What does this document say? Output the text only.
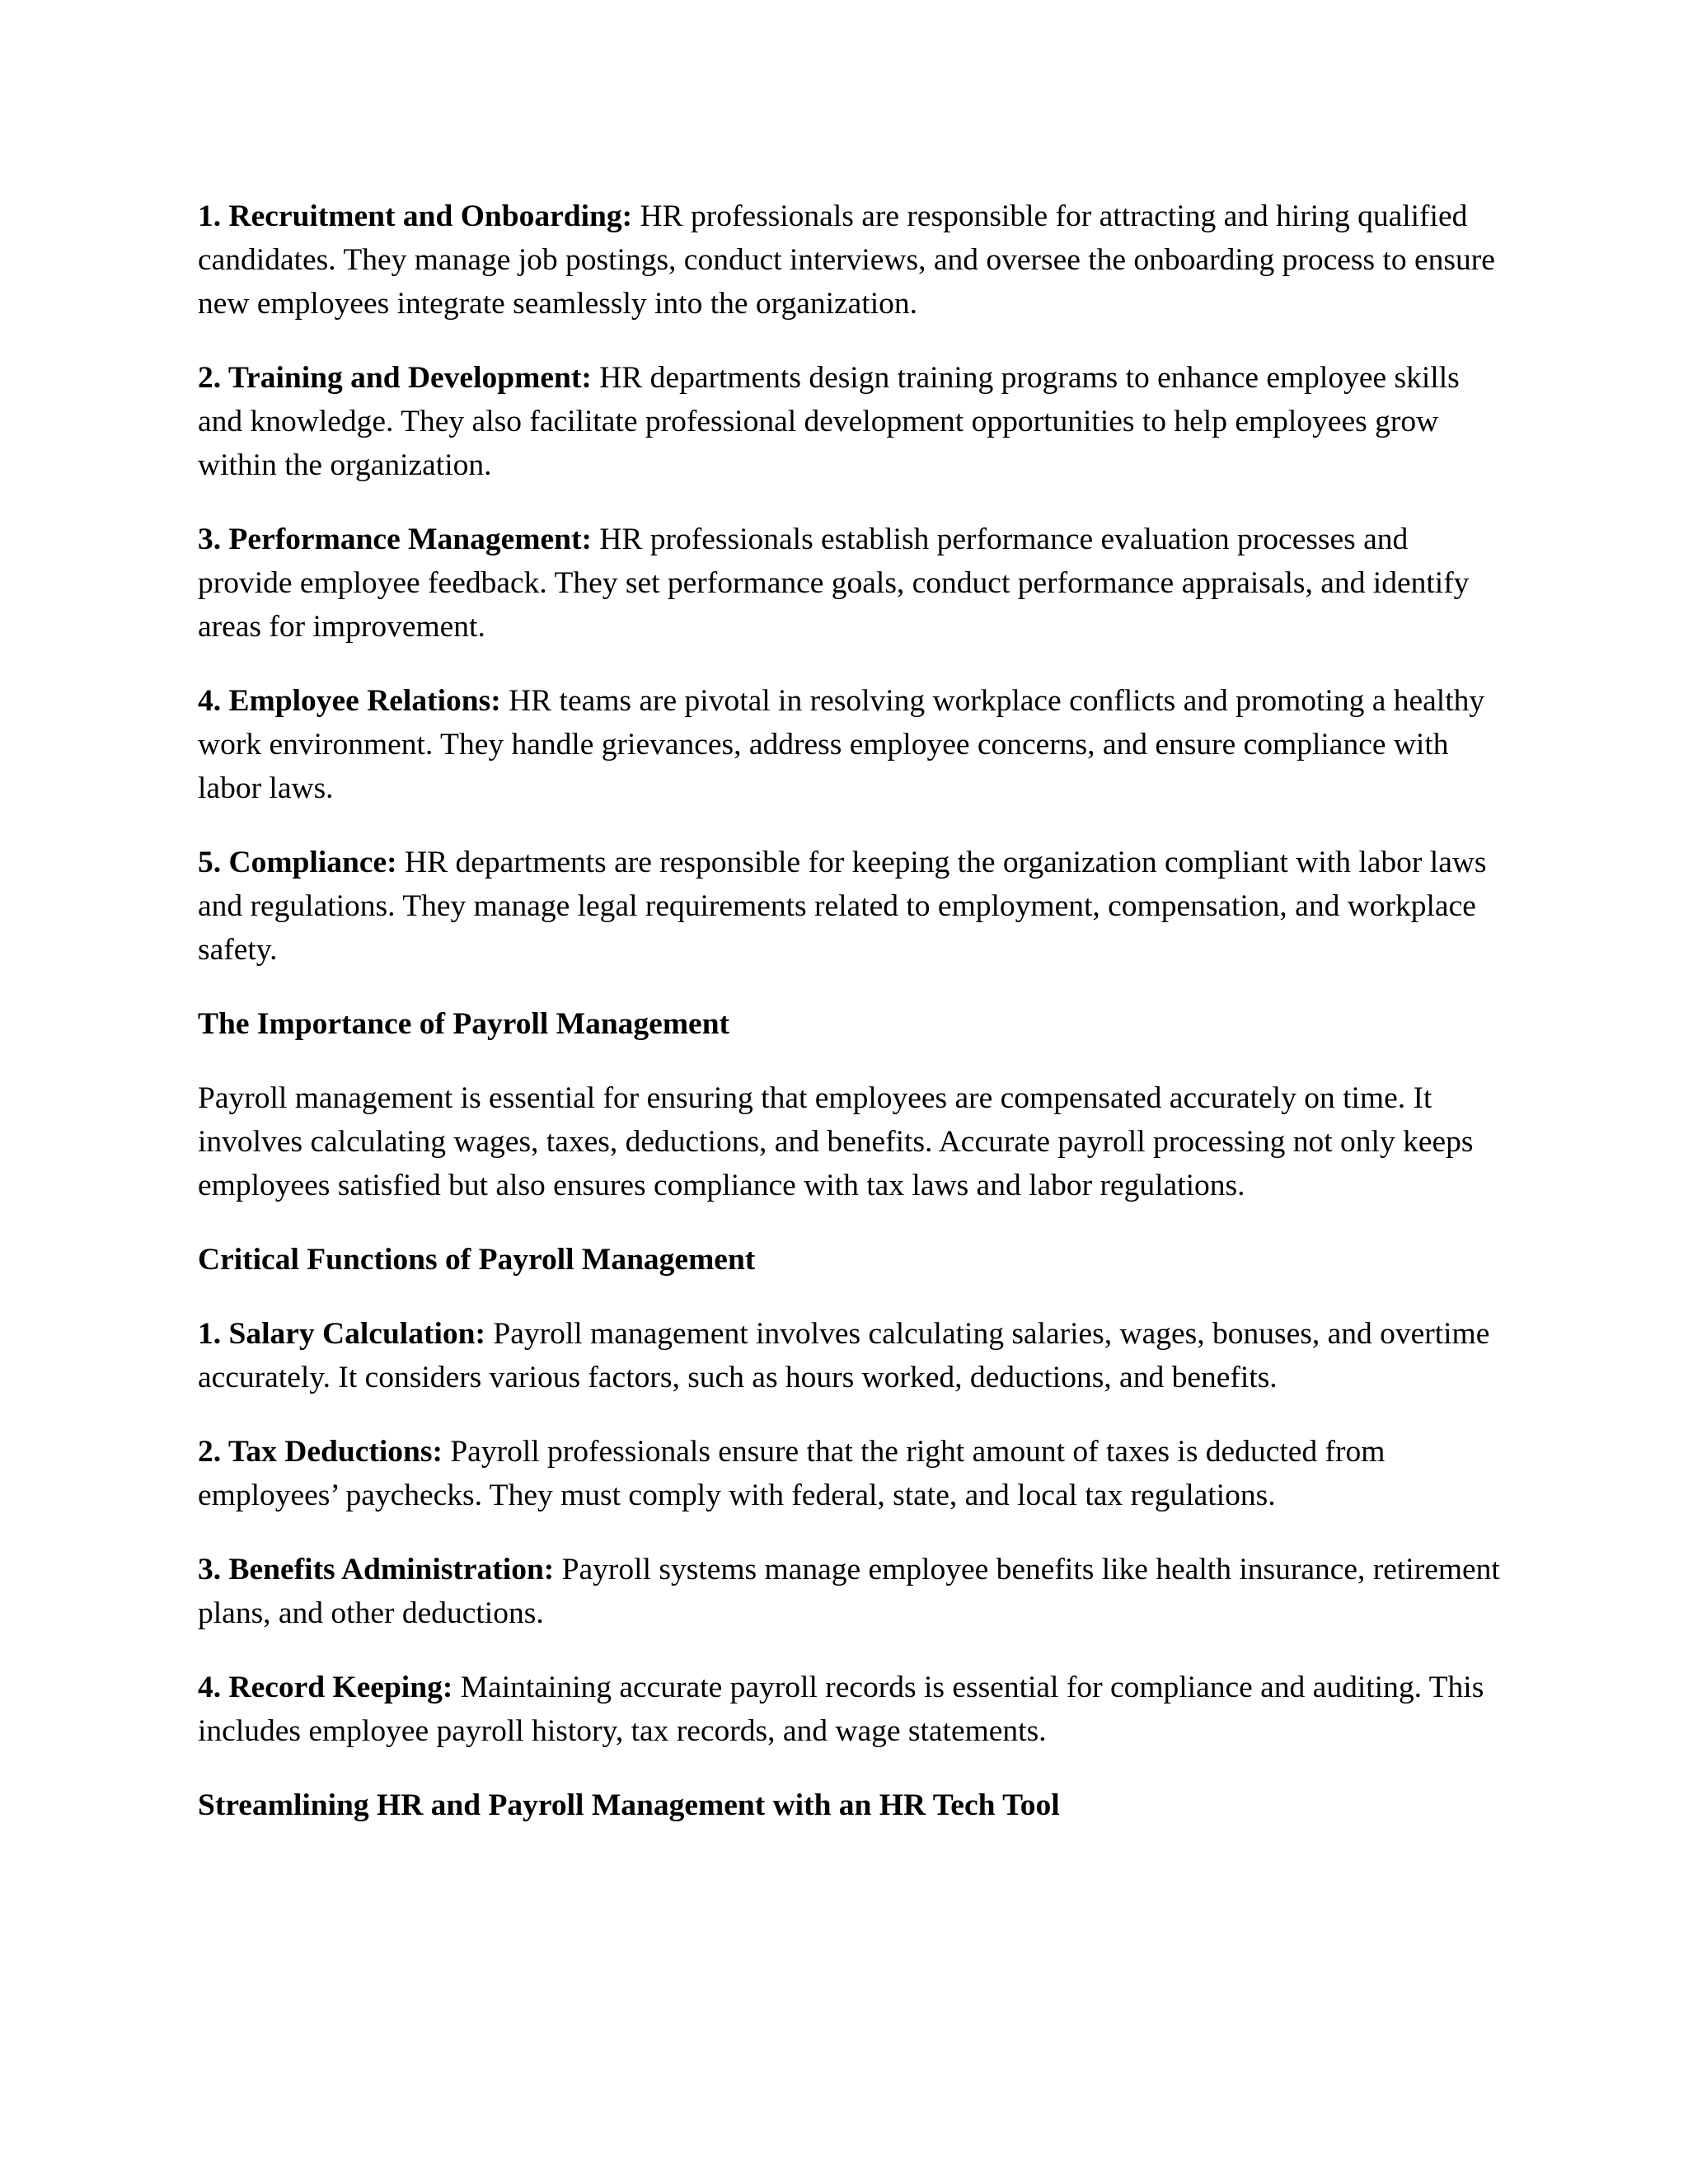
1. Recruitment and Onboarding: HR professionals are responsible for attracting and hiring qualified candidates. They manage job postings, conduct interviews, and oversee the onboarding process to ensure new employees integrate seamlessly into the organization.

2. Training and Development: HR departments design training programs to enhance employee skills and knowledge. They also facilitate professional development opportunities to help employees grow within the organization.

3. Performance Management: HR professionals establish performance evaluation processes and provide employee feedback. They set performance goals, conduct performance appraisals, and identify areas for improvement.

4. Employee Relations: HR teams are pivotal in resolving workplace conflicts and promoting a healthy work environment. They handle grievances, address employee concerns, and ensure compliance with labor laws.

5. Compliance: HR departments are responsible for keeping the organization compliant with labor laws and regulations. They manage legal requirements related to employment, compensation, and workplace safety.

The Importance of Payroll Management

Payroll management is essential for ensuring that employees are compensated accurately on time. It involves calculating wages, taxes, deductions, and benefits. Accurate payroll processing not only keeps employees satisfied but also ensures compliance with tax laws and labor regulations.

Critical Functions of Payroll Management

1. Salary Calculation: Payroll management involves calculating salaries, wages, bonuses, and overtime accurately. It considers various factors, such as hours worked, deductions, and benefits.

2. Tax Deductions: Payroll professionals ensure that the right amount of taxes is deducted from employees’ paychecks. They must comply with federal, state, and local tax regulations.

3. Benefits Administration: Payroll systems manage employee benefits like health insurance, retirement plans, and other deductions.

4. Record Keeping: Maintaining accurate payroll records is essential for compliance and auditing. This includes employee payroll history, tax records, and wage statements.

Streamlining HR and Payroll Management with an HR Tech Tool
